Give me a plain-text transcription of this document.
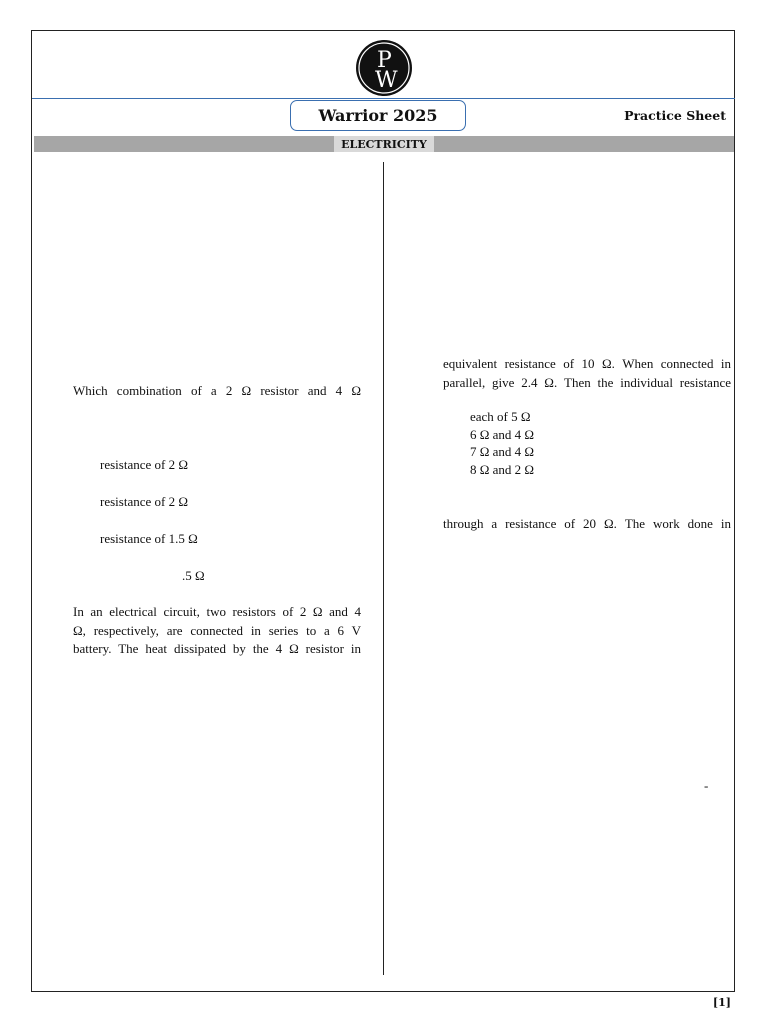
P
W
Warrior 2025	Practice Sheet
ELECTRICITY
Which combination of a 2 Ω resistor and 4 Ω
resistance of 2 Ω
resistance of 2 Ω
resistance of 1.5 Ω
.5 Ω
In an electrical circuit, two resistors of 2 Ω and 4
Ω, respectively, are connected in series to a 6 V
battery. The heat dissipated by the 4 Ω resistor in
equivalent resistance of 10 Ω. When connected in
parallel, give 2.4 Ω. Then the individual resistance
each of 5 Ω
6 Ω and 4 Ω
7 Ω and 4 Ω
8 Ω and 2 Ω
through a resistance of 20 Ω. The work done in
-
[1]
